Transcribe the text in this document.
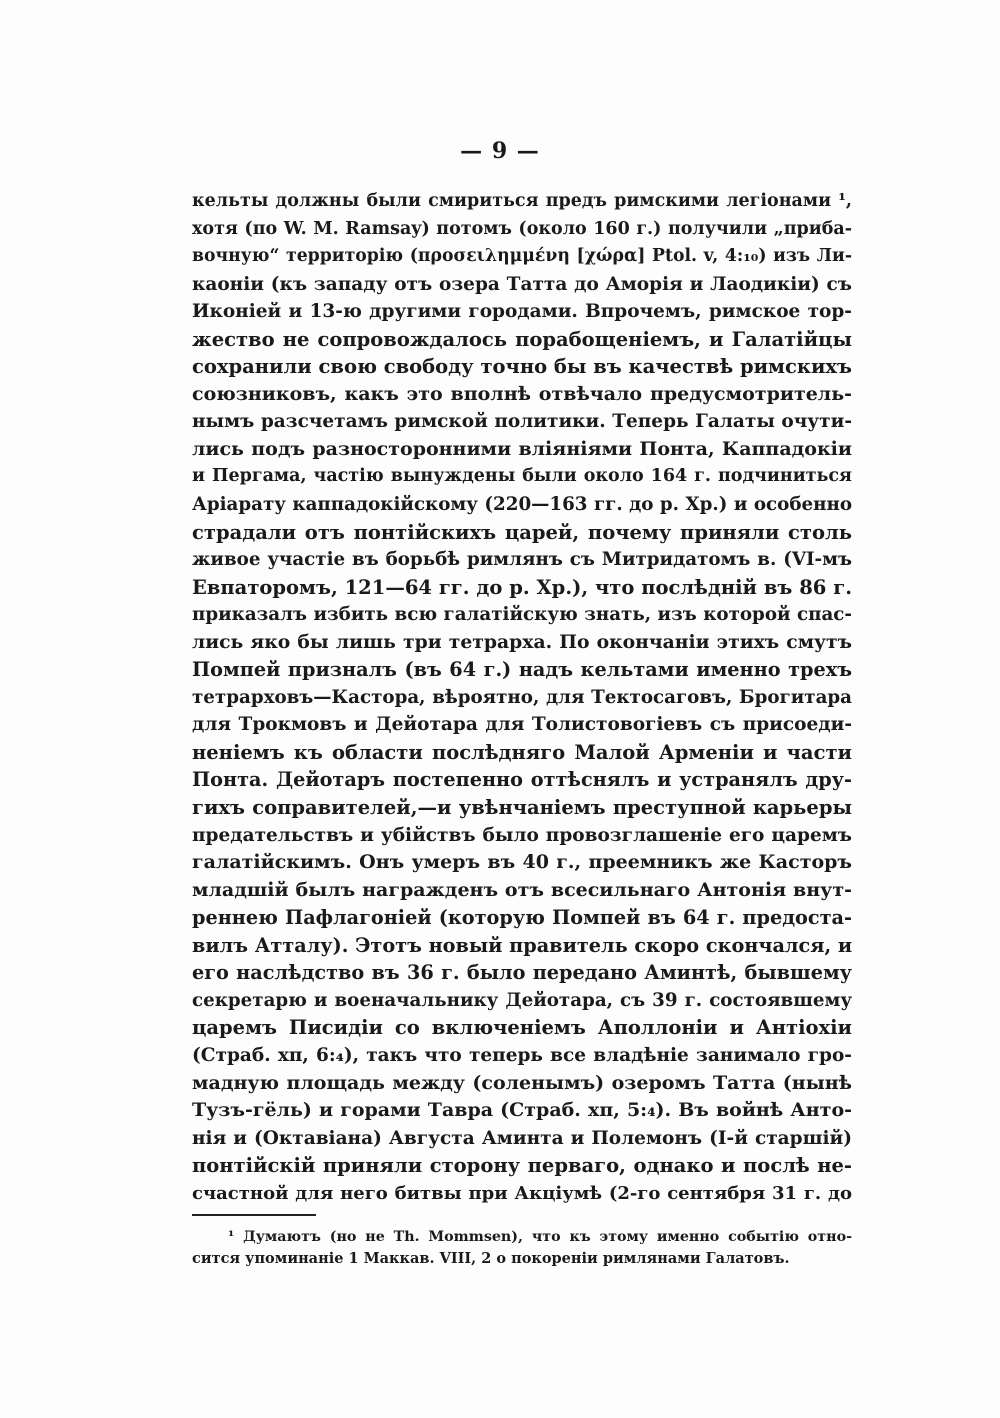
— 9 —
кельты должны были смириться предъ римскими легіонами ¹,
хотя (по W. M. Ramsay) потомъ (около 160 г.) получили „приба-
вочную“ территорію (προσειλημμένη [χώρα] Ptol. v, 4:₁₀) изъ Ли-
каоніи (къ западу отъ озера Татта до Аморія и Лаодикіи) съ
Иконіей и 13-ю другими городами. Впрочемъ, римское тор-
жество не сопровождалось порабощеніемъ, и Галатійцы
сохранили свою свободу точно бы въ качествѣ римскихъ
союзниковъ, какъ это вполнѣ отвѣчало предусмотритель-
нымъ разсчетамъ римской политики. Теперь Галаты очути-
лись подъ разносторонними вліяніями Понта, Каппадокіи
и Пергама, частію вынуждены были около 164 г. подчиниться
Аріарату каппадокійскому (220—163 гг. до р. Хр.) и особенно
страдали отъ понтійскихъ царей, почему приняли столь
живое участіе въ борьбѣ римлянъ съ Митридатомъ в. (VI-мъ
Евпаторомъ, 121—64 гг. до р. Хр.), что послѣдній въ 86 г.
приказалъ избить всю галатійскую знать, изъ которой спас-
лись яко бы лишь три тетрарха. По окончаніи этихъ смутъ
Помпей призналъ (въ 64 г.) надъ кельтами именно трехъ
тетрарховъ—Кастора, вѣроятно, для Тектосаговъ, Брогитара
для Трокмовъ и Дейотара для Толистовогіевъ съ присоеди-
неніемъ къ области послѣдняго Малой Арменіи и части
Понта. Дейотаръ постепенно оттѣснялъ и устранялъ дру-
гихъ соправителей,—и увѣнчаніемъ преступной карьеры
предательствъ и убійствъ было провозглашеніе его царемъ
галатійскимъ. Онъ умеръ въ 40 г., преемникъ же Касторъ
младшій былъ награжденъ отъ всесильнаго Антонія внут-
реннею Пафлагоніей (которую Помпей въ 64 г. предоста-
вилъ Атталу). Этотъ новый правитель скоро скончался, и
его наслѣдство въ 36 г. было передано Аминтѣ, бывшему
секретарю и военачальнику Дейотара, съ 39 г. состоявшему
царемъ Писидіи со включеніемъ Аполлоніи и Антіохіи
(Страб. xп, 6:₄), такъ что теперь все владѣніе занимало гро-
мадную площадь между (соленымъ) озеромъ Татта (нынѣ
Тузъ-гёль) и горами Тавра (Страб. xп, 5:₄). Въ войнѣ Анто-
нія и (Октавіана) Августа Аминта и Полемонъ (І-й старшій)
понтійскій приняли сторону перваго, однако и послѣ не-
счастной для него битвы при Акціумѣ (2-го сентября 31 г. до
¹ Думаютъ (но не Th. Mommsen), что къ этому именно событію отно-
сится упоминаніе 1 Маккав. VIII, 2 о покореніи римлянами Галатовъ.
